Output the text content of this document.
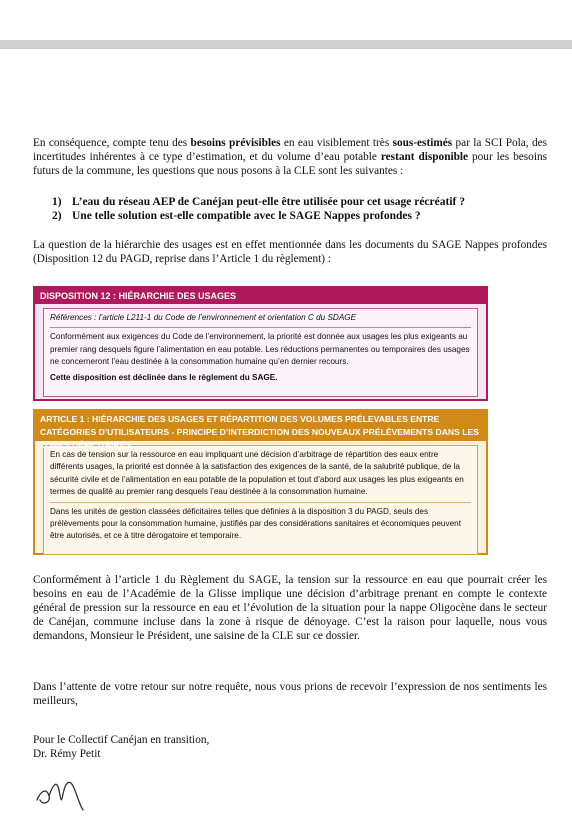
En conséquence, compte tenu des besoins prévisibles en eau visiblement très sous-estimés par la SCI Pola, des incertitudes inhérentes à ce type d’estimation, et du volume d’eau potable restant disponible pour les besoins futurs de la commune, les questions que nous posons à la CLE sont les suivantes :
1) L’eau du réseau AEP de Canéjan peut-elle être utilisée pour cet usage récréatif ?
2) Une telle solution est-elle compatible avec le SAGE Nappes profondes ?
La question de la hiérarchie des usages est en effet mentionnée dans les documents du SAGE Nappes profondes (Disposition 12 du PAGD, reprise dans l’Article 1 du règlement) :
DISPOSITION 12 : HIÉRARCHIE DES USAGES
Références : l’article L211-1 du Code de l’environnement et orientation C du SDAGE
Conformément aux exigences du Code de l’environnement, la priorité est donnée aux usages les plus exigeants au premier rang desquels figure l’alimentation en eau potable. Les réductions permanentes ou temporaires des usages ne concerneront l’eau destinée à la consommation humaine qu’en dernier recours.
Cette disposition est déclinée dans le règlement du SAGE.
ARTICLE 1 : HIÉRARCHIE DES USAGES ET RÉPARTITION DES VOLUMES PRÉLEVABLES ENTRE CATÉGORIES D’UTILISATEURS - PRINCIPE D’INTERDICTION DES NOUVEAUX PRÉLÈVEMENTS DANS LES ZONES DÉFICITAIRES
En cas de tension sur la ressource en eau impliquant une décision d’arbitrage de répartition des eaux entre différents usages, la priorité est donnée à la satisfaction des exigences de la santé, de la salubrité publique, de la sécurité civile et de l’alimentation en eau potable de la population et tout d’abord aux usages les plus exigeants en termes de qualité au premier rang desquels l’eau destinée à la consommation humaine.
Dans les unités de gestion classées déficitaires telles que définies à la disposition 3 du PAGD, seuls des prélèvements pour la consommation humaine, justifiés par des considérations sanitaires et économiques peuvent être autorisés, et ce à titre dérogatoire et temporaire.
Conformément à l’article 1 du Règlement du SAGE, la tension sur la ressource en eau que pourrait créer les besoins en eau de l’Académie de la Glisse implique une décision d’arbitrage prenant en compte le contexte général de pression sur la ressource en eau et l’évolution de la situation pour la nappe Oligocène dans le secteur de Canéjan, commune incluse dans la zone à risque de dénoyage. C’est la raison pour laquelle, nous vous demandons, Monsieur le Président, une saisine de la CLE sur ce dossier.
Dans l’attente de votre retour sur notre requête, nous vous prions de recevoir l’expression de nos sentiments les meilleurs,
Pour le Collectif Canéjan en transition,
Dr. Rémy Petit
